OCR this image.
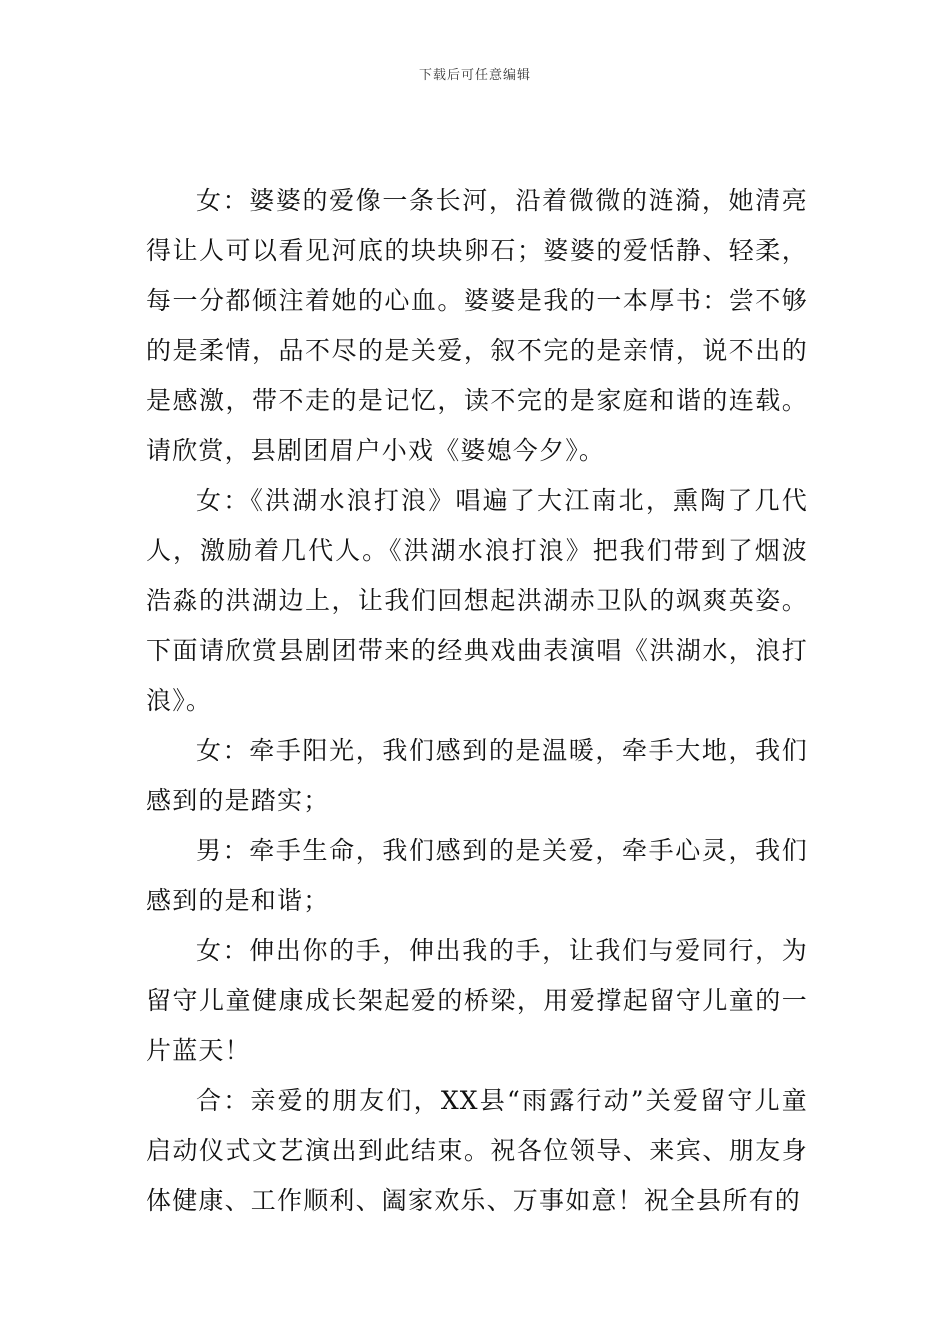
下载后可任意编辑

女：婆婆的爱像一条长河，沿着微微的涟漪，她清亮得让人可以看见河底的块块卵石；婆婆的爱恬静、轻柔，每一分都倾注着她的心血。婆婆是我的一本厚书：尝不够的是柔情，品不尽的是关爱，叙不完的是亲情，说不出的是感激，带不走的是记忆，读不完的是家庭和谐的连载。请欣赏，县剧团眉户小戏《婆媳今夕》。

女：《洪湖水浪打浪》唱遍了大江南北，熏陶了几代人，激励着几代人。《洪湖水浪打浪》把我们带到了烟波浩淼的洪湖边上，让我们回想起洪湖赤卫队的飒爽英姿。下面请欣赏县剧团带来的经典戏曲表演唱《洪湖水，浪打浪》。

女：牵手阳光，我们感到的是温暖，牵手大地，我们感到的是踏实；

男：牵手生命，我们感到的是关爱，牵手心灵，我们感到的是和谐；

女：伸出你的手，伸出我的手，让我们与爱同行，为留守儿童健康成长架起爱的桥梁，用爱撑起留守儿童的一片蓝天！

合：亲爱的朋友们，XX县“雨露行动”关爱留守儿童启动仪式文艺演出到此结束。祝各位领导、来宾、朋友身体健康、工作顺利、阖家欢乐、万事如意！祝全县所有的
